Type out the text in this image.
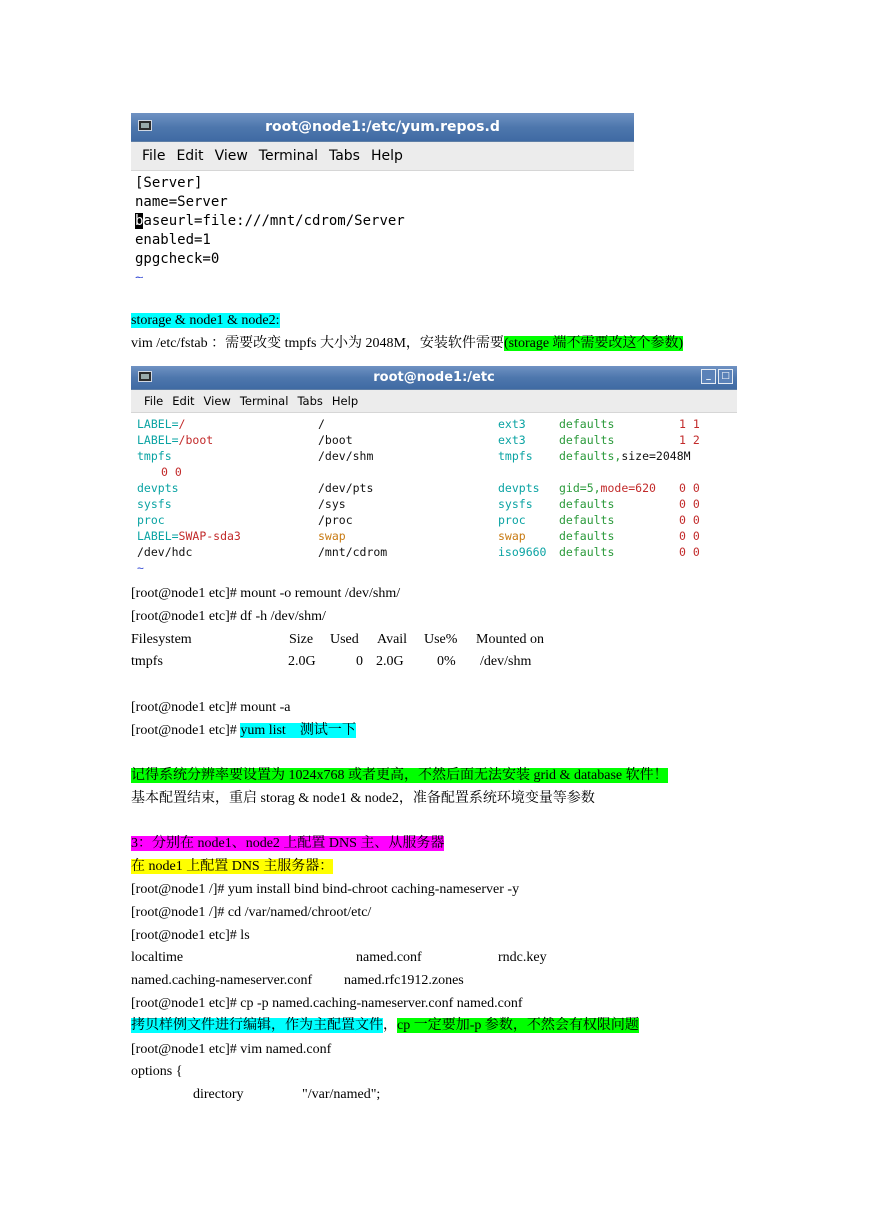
root@node1:/etc/yum.repos.d
File Edit View Terminal Tabs Help
[Server]
name=Server
baseurl=file:///mnt/cdrom/Server
enabled=1
gpgcheck=0
~
storage & node1 & node2:
vim /etc/fstab ：需要改变 tmpfs 大小为 2048M，安装软件需要(storage 端不需要改这个参数)
root@node1:/etc	_	□
File Edit View Terminal Tabs Help
LABEL=/	/	ext3	defaults	1 1
LABEL=/boot	/boot	ext3	defaults	1 2
tmpfs	/dev/shm	tmpfs defaults,size=2048M
0 0
devpts	/dev/pts	devpts gid=5,mode=620 0 0
sysfs	/sys	sysfs defaults	0 0
proc	/proc	proc	defaults	0 0
LABEL=SWAP-sda3	swap	swap	defaults	0 0
/dev/hdc	/mnt/cdrom	iso9660 defaults	0 0
~
[root@node1 etc]# mount -o remount /dev/shm/
[root@node1 etc]# df -h /dev/shm/
Filesystem	Size Used Avail Use% Mounted on
tmpfs	2.0G	0 2.0G 0% /dev/shm
[root@node1 etc]# mount -a
[root@node1 etc]# yum list    测试一下
记得系统分辨率要设置为 1024x768 或者更高，不然后面无法安装 grid & database 软件！
基本配置结束，重启 storag & node1 & node2，准备配置系统环境变量等参数
3：分别在 node1、node2 上配置 DNS 主、从服务器
在 node1 上配置 DNS 主服务器：
[root@node1 /]# yum install bind bind-chroot caching-nameserver -y
[root@node1 /]# cd /var/named/chroot/etc/
[root@node1 etc]# ls
localtime	named.conf	rndc.key
named.caching-nameserver.conf named.rfc1912.zones
[root@node1 etc]# cp -p named.caching-nameserver.conf named.conf
拷贝样例文件进行编辑，作为主配置文件，cp 一定要加-p 参数，不然会有权限问题
[root@node1 etc]# vim named.conf
options {
directory	"/var/named";
